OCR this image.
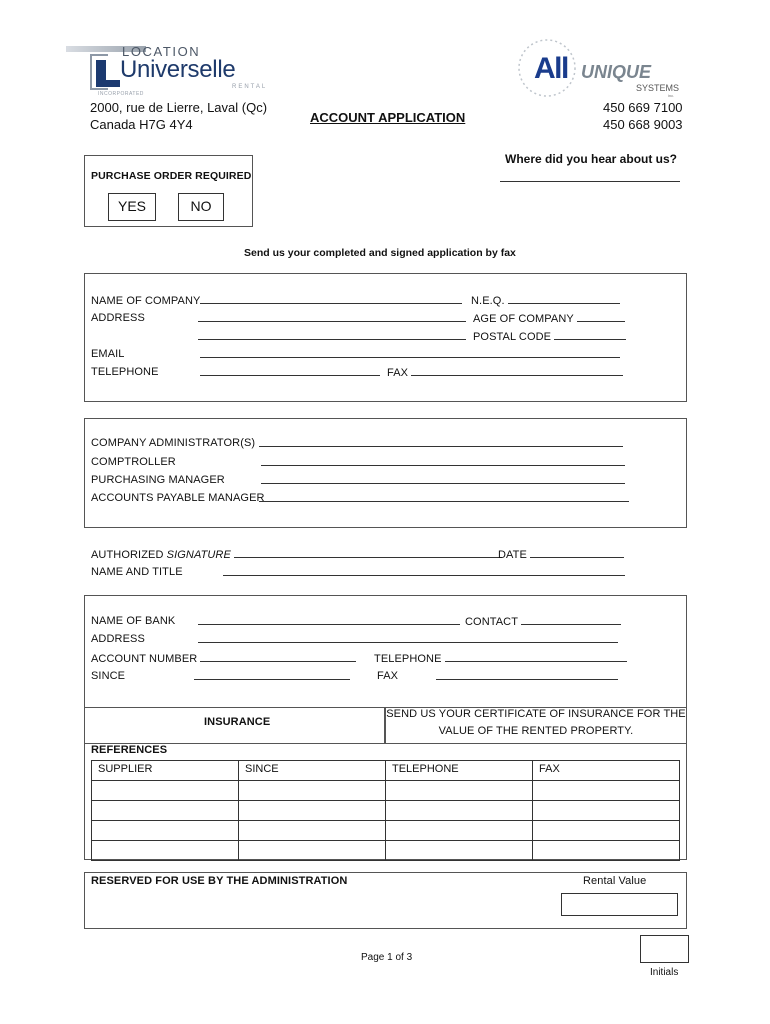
LOCATION
Universelle
RENTAL
INCORPORATED
All UNIQUE
SYSTEMS
inc.
2000, rue de Lierre, Laval (Qc)
Canada H7G 4Y4	ACCOUNT APPLICATION
450 669 7100
450 668 9003
Where did you hear about us?
PURCHASE ORDER REQUIRED
YES	NO
Send us your completed and signed application by fax
NAME OF COMPANY	N.E.Q.
ADDRESS	AGE OF COMPANY
POSTAL CODE
EMAIL
TELEPHONE	FAX
COMPANY ADMINISTRATOR(S)
COMPTROLLER
PURCHASING MANAGER
ACCOUNTS PAYABLE MANAGER
AUTHORIZED SIGNATURE	DATE
NAME AND TITLE
NAME OF BANK	CONTACT
ADDRESS
ACCOUNT NUMBER	TELEPHONE
SINCE	FAX
INSURANCE
SEND US YOUR CERTIFICATE OF INSURANCE FOR THE
VALUE OF THE RENTED PROPERTY.
REFERENCES
SUPPLIER	SINCE	TELEPHONE	FAX

RESERVED FOR USE BY THE ADMINISTRATION	Rental Value
Page 1 of 3
Initials
